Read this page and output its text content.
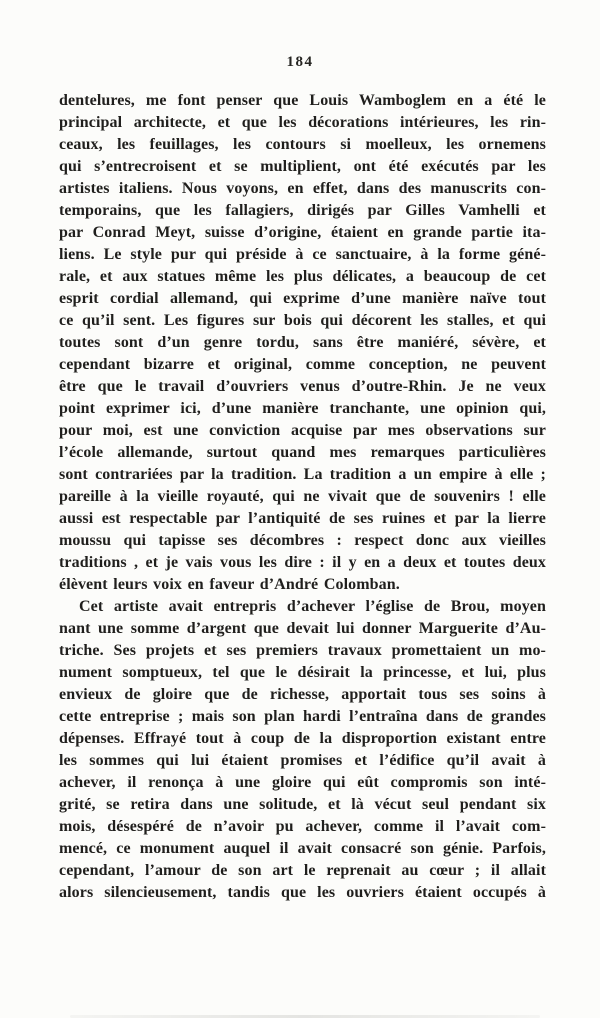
184
dentelures, me font penser que Louis Wamboglem en a été le
principal architecte, et que les décorations intérieures, les rin-
ceaux, les feuillages, les contours si moelleux, les ornemens
qui s’entrecroisent et se multiplient, ont été exécutés par les
artistes italiens. Nous voyons, en effet, dans des manuscrits con-
temporains, que les fallagiers, dirigés par Gilles Vamhelli et
par Conrad Meyt, suisse d’origine, étaient en grande partie ita-
liens. Le style pur qui préside à ce sanctuaire, à la forme géné-
rale, et aux statues même les plus délicates, a beaucoup de cet
esprit cordial allemand, qui exprime d’une manière naïve tout
ce qu’il sent. Les figures sur bois qui décorent les stalles, et qui
toutes sont d’un genre tordu, sans être maniéré, sévère, et
cependant bizarre et original, comme conception, ne peuvent
être que le travail d’ouvriers venus d’outre-Rhin. Je ne veux
point exprimer ici, d’une manière tranchante, une opinion qui,
pour moi, est une conviction acquise par mes observations sur
l’école allemande, surtout quand mes remarques particulières
sont contrariées par la tradition. La tradition a un empire à elle ;
pareille à la vieille royauté, qui ne vivait que de souvenirs ! elle
aussi est respectable par l’antiquité de ses ruines et par la lierre
moussu qui tapisse ses décombres : respect donc aux vieilles
traditions , et je vais vous les dire : il y en a deux et toutes deux
élèvent leurs voix en faveur d’André Colomban.
Cet artiste avait entrepris d’achever l’église de Brou, moyen
nant une somme d’argent que devait lui donner Marguerite d’Au-
triche. Ses projets et ses premiers travaux promettaient un mo-
nument somptueux, tel que le désirait la princesse, et lui, plus
envieux de gloire que de richesse, apportait tous ses soins à
cette entreprise ; mais son plan hardi l’entraîna dans de grandes
dépenses. Effrayé tout à coup de la disproportion existant entre
les sommes qui lui étaient promises et l’édifice qu’il avait à
achever, il renonça à une gloire qui eût compromis son inté-
grité, se retira dans une solitude, et là vécut seul pendant six
mois, désespéré de n’avoir pu achever, comme il l’avait com-
mencé, ce monument auquel il avait consacré son génie. Parfois,
cependant, l’amour de son art le reprenait au cœur ; il allait
alors silencieusement, tandis que les ouvriers étaient occupés à
